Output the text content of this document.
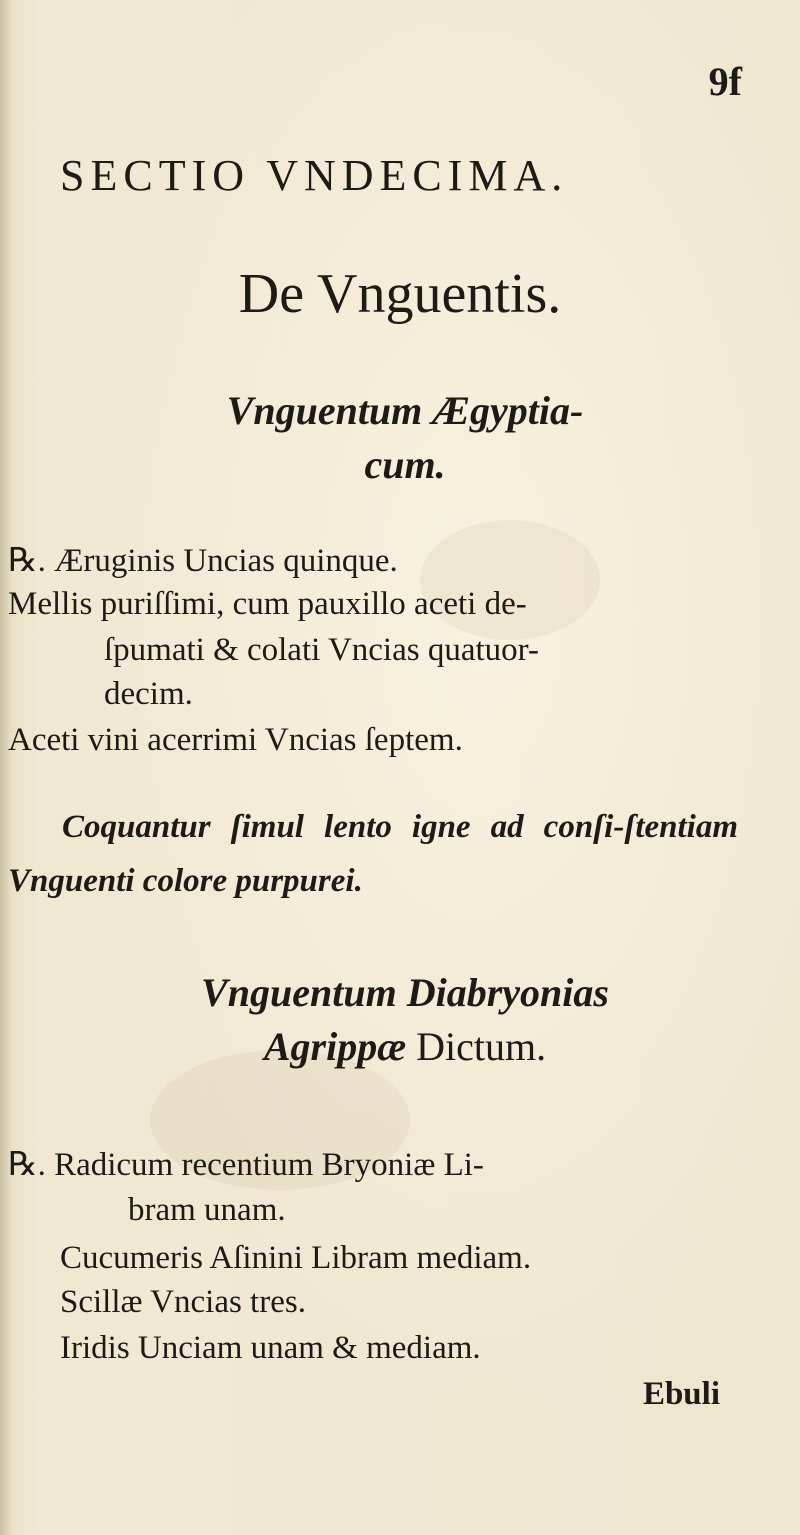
9f
SECTIO VNDECIMA.
De Vnguentis.
Vnguentum Ægyptia-
cum.
℞. Æruginis Uncias quinque.
Mellis puriſſimi, cum pauxillo aceti de-
ſpumati & colati Vncias quatuor-
decim.
Aceti vini acerrimi Vncias ſeptem.
Coquantur ſimul lento igne ad conſi-ſtentiam Vnguenti colore purpurei.
Vnguentum Diabryonias
Agrippæ Dictum.
℞. Radicum recentium Bryoniæ Li-
bram unam.
Cucumeris Aſinini Libram mediam.
Scillæ Vncias tres.
Iridis Unciam unam & mediam.
Ebuli
